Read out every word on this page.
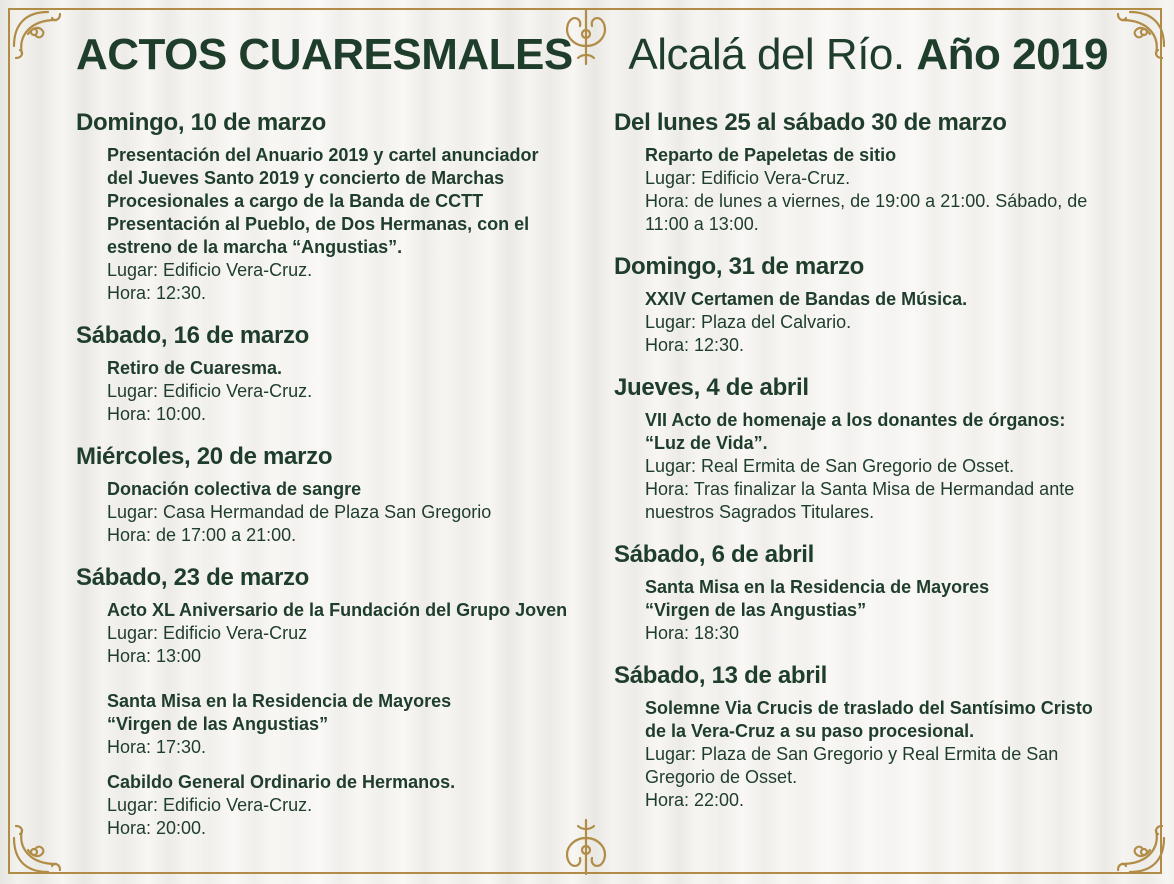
ACTOS CUARESMALES Alcalá del Río. Año 2019
Domingo, 10 de marzo
Presentación del Anuario 2019 y cartel anunciador
del Jueves Santo 2019 y concierto de Marchas
Procesionales a cargo de la Banda de CCTT
Presentación al Pueblo, de Dos Hermanas, con el
estreno de la marcha “Angustias”.
Lugar: Edificio Vera-Cruz.
Hora: 12:30.
Sábado, 16 de marzo
Retiro de Cuaresma.
Lugar: Edificio Vera-Cruz.
Hora: 10:00.
Miércoles, 20 de marzo
Donación colectiva de sangre
Lugar: Casa Hermandad de Plaza San Gregorio
Hora: de 17:00 a 21:00.
Sábado, 23 de marzo
Acto XL Aniversario de la Fundación del Grupo Joven
Lugar: Edificio Vera-Cruz
Hora: 13:00
Santa Misa en la Residencia de Mayores
“Virgen de las Angustias”
Hora: 17:30.
Cabildo General Ordinario de Hermanos.
Lugar: Edificio Vera-Cruz.
Hora: 20:00.
Del lunes 25 al sábado 30 de marzo
Reparto de Papeletas de sitio
Lugar: Edificio Vera-Cruz.
Hora: de lunes a viernes, de 19:00 a 21:00. Sábado, de
11:00 a 13:00.
Domingo, 31 de marzo
XXIV Certamen de Bandas de Música.
Lugar: Plaza del Calvario.
Hora: 12:30.
Jueves, 4 de abril
VII Acto de homenaje a los donantes de órganos:
“Luz de Vida”.
Lugar: Real Ermita de San Gregorio de Osset.
Hora: Tras finalizar la Santa Misa de Hermandad ante
nuestros Sagrados Titulares.
Sábado, 6 de abril
Santa Misa en la Residencia de Mayores
“Virgen de las Angustias”
Hora: 18:30
Sábado, 13 de abril
Solemne Via Crucis de traslado del Santísimo Cristo
de la Vera-Cruz a su paso procesional.
Lugar: Plaza de San Gregorio y Real Ermita de San
Gregorio de Osset.
Hora: 22:00.
